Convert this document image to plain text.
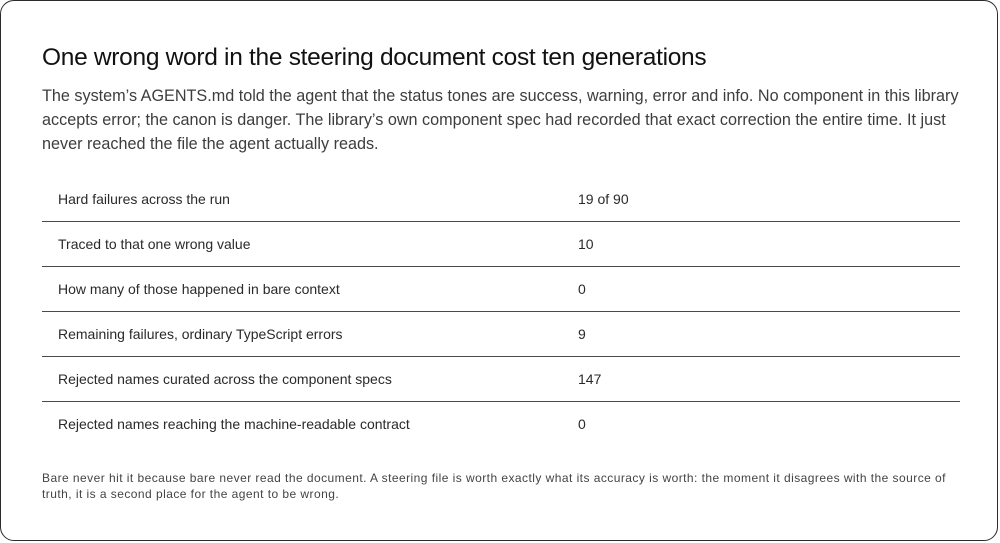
One wrong word in the steering document cost ten generations

The system’s AGENTS.md told the agent that the status tones are success, warning, error and info. No component in this library accepts error; the canon is danger. The library’s own component spec had recorded that exact correction the entire time. It just never reached the file the agent actually reads.

Hard failures across the run	19 of 90
Traced to that one wrong value	10
How many of those happened in bare context	0
Remaining failures, ordinary TypeScript errors	9
Rejected names curated across the component specs	147
Rejected names reaching the machine-readable contract	0

Bare never hit it because bare never read the document. A steering file is worth exactly what its accuracy is worth: the moment it disagrees with the source of truth, it is a second place for the agent to be wrong.
